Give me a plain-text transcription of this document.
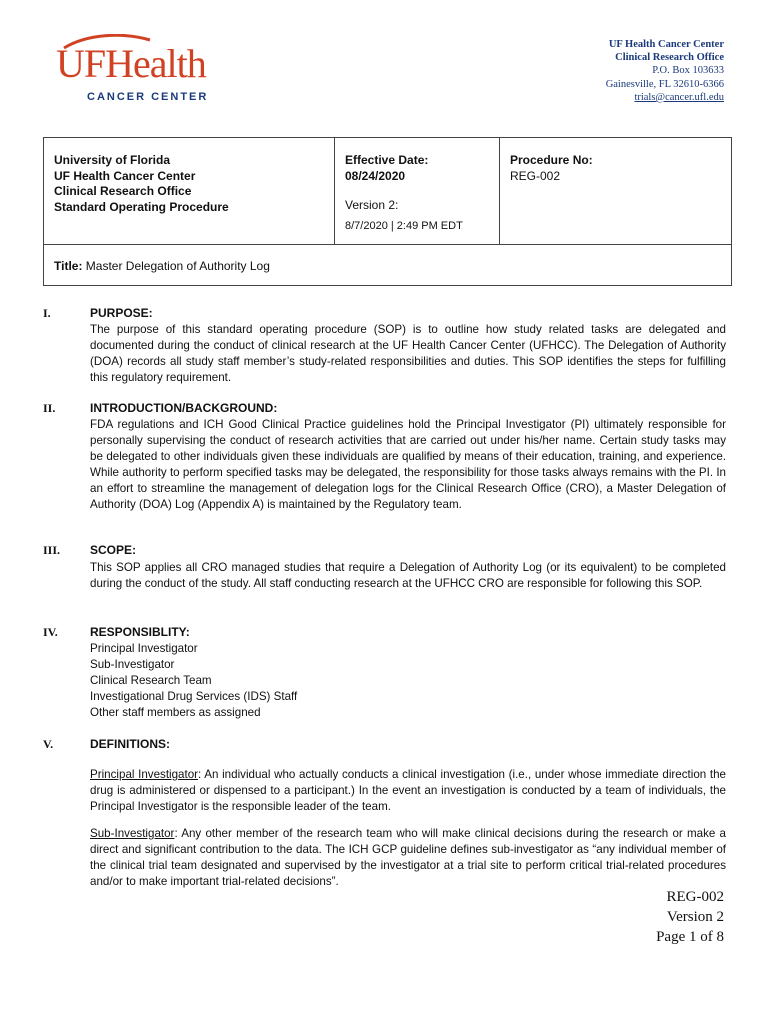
UFHealth
CANCER CENTER
UF Health Cancer Center
Clinical Research Office
P.O. Box 103633
Gainesville, FL 32610-6366
trials@cancer.ufl.edu
University of Florida
UF Health Cancer Center
Clinical Research Office
Standard Operating Procedure

Effective Date:
08/24/2020
Version 2:
8/7/2020 | 2:49 PM EDT

Procedure No:
REG-002

Title: Master Delegation of Authority Log
I.	PURPOSE:
The purpose of this standard operating procedure (SOP) is to outline how study related tasks are delegated and documented during the conduct of clinical research at the UF Health Cancer Center (UFHCC). The Delegation of Authority (DOA) records all study staff member’s study-related responsibilities and duties. This SOP identifies the steps for fulfilling this regulatory requirement.
II.	INTRODUCTION/BACKGROUND:
FDA regulations and ICH Good Clinical Practice guidelines hold the Principal Investigator (PI) ultimately responsible for personally supervising the conduct of research activities that are carried out under his/her name. Certain study tasks may be delegated to other individuals given these individuals are qualified by means of their education, training, and experience. While authority to perform specified tasks may be delegated, the responsibility for those tasks always remains with the PI. In an effort to streamline the management of delegation logs for the Clinical Research Office (CRO), a Master Delegation of Authority (DOA) Log (Appendix A) is maintained by the Regulatory team.
III.	SCOPE:
This SOP applies all CRO managed studies that require a Delegation of Authority Log (or its equivalent) to be completed during the conduct of the study. All staff conducting research at the UFHCC CRO are responsible for following this SOP.
IV.	RESPONSIBLITY:
Principal Investigator
Sub-Investigator
Clinical Research Team
Investigational Drug Services (IDS) Staff
Other staff members as assigned
V.	DEFINITIONS:
Principal Investigator: An individual who actually conducts a clinical investigation (i.e., under whose immediate direction the drug is administered or dispensed to a participant.) In the event an investigation is conducted by a team of individuals, the Principal Investigator is the responsible leader of the team.
Sub-Investigator: Any other member of the research team who will make clinical decisions during the research or make a direct and significant contribution to the data. The ICH GCP guideline defines sub-investigator as “any individual member of the clinical trial team designated and supervised by the investigator at a trial site to perform critical trial-related procedures and/or to make important trial-related decisions”.
REG-002
Version 2
Page 1 of 8
